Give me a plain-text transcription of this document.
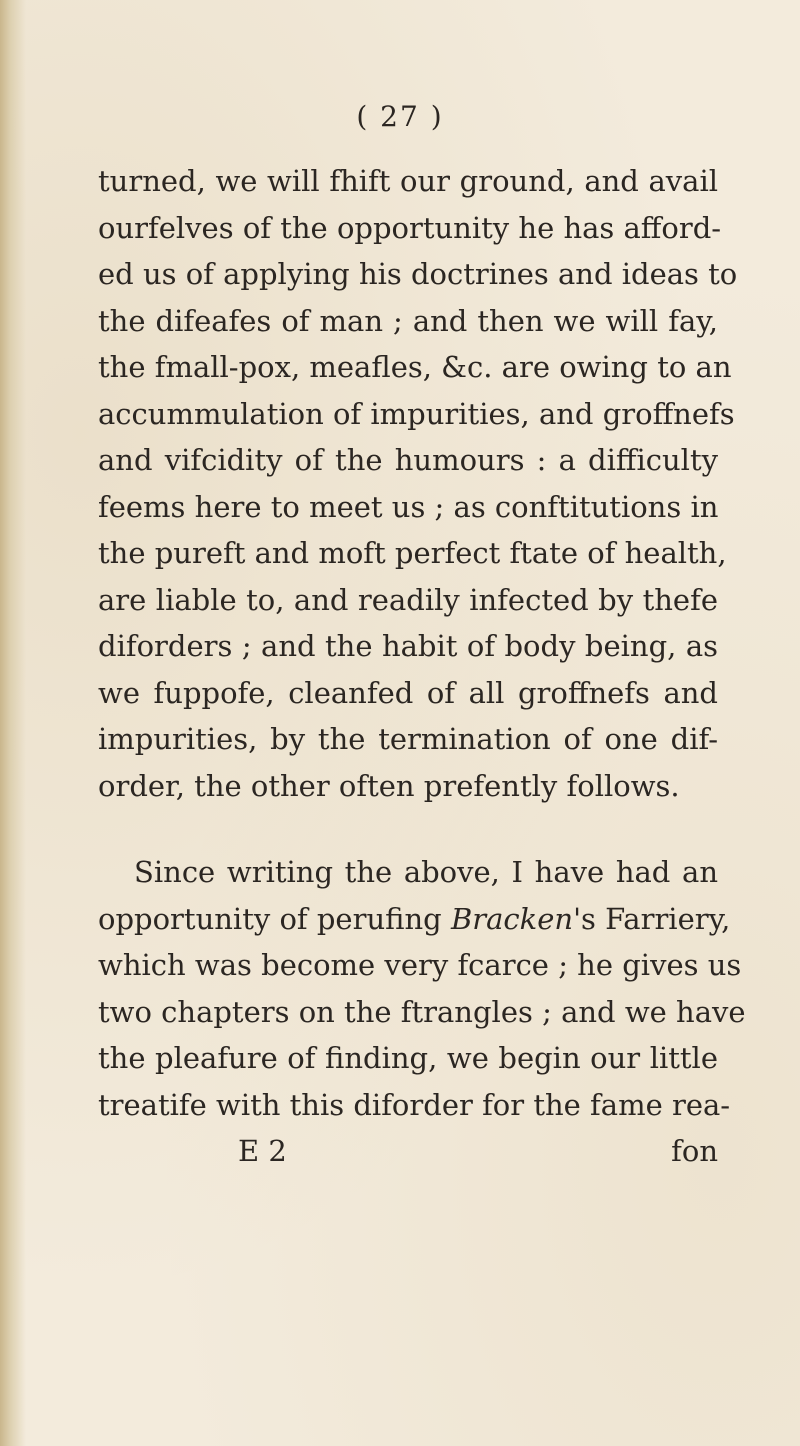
( 27 )
turned, we will fhift our ground, and avail
ourfelves of the opportunity he has afford-
ed us of applying his doctrines and ideas to
the difeafes of man ; and then we will fay,
the fmall-pox, meafles, &c. are owing to an
accummulation of impurities, and groffnefs
and vifcidity of the humours : a difficulty
feems here to meet us ; as conftitutions in
the pureft and moft perfect ftate of health,
are liable to, and readily infected by thefe
diforders ; and the habit of body being, as
we fuppofe, cleanfed of all groffnefs and
impurities, by the termination of one dif-
order, the other often prefently follows.
Since writing the above, I have had an
opportunity of perufing Bracken's Farriery,
which was become very fcarce ; he gives us
two chapters on the ftrangles ; and we have
the pleafure of finding, we begin our little
treatife with this diforder for the fame rea-
E 2	fon
